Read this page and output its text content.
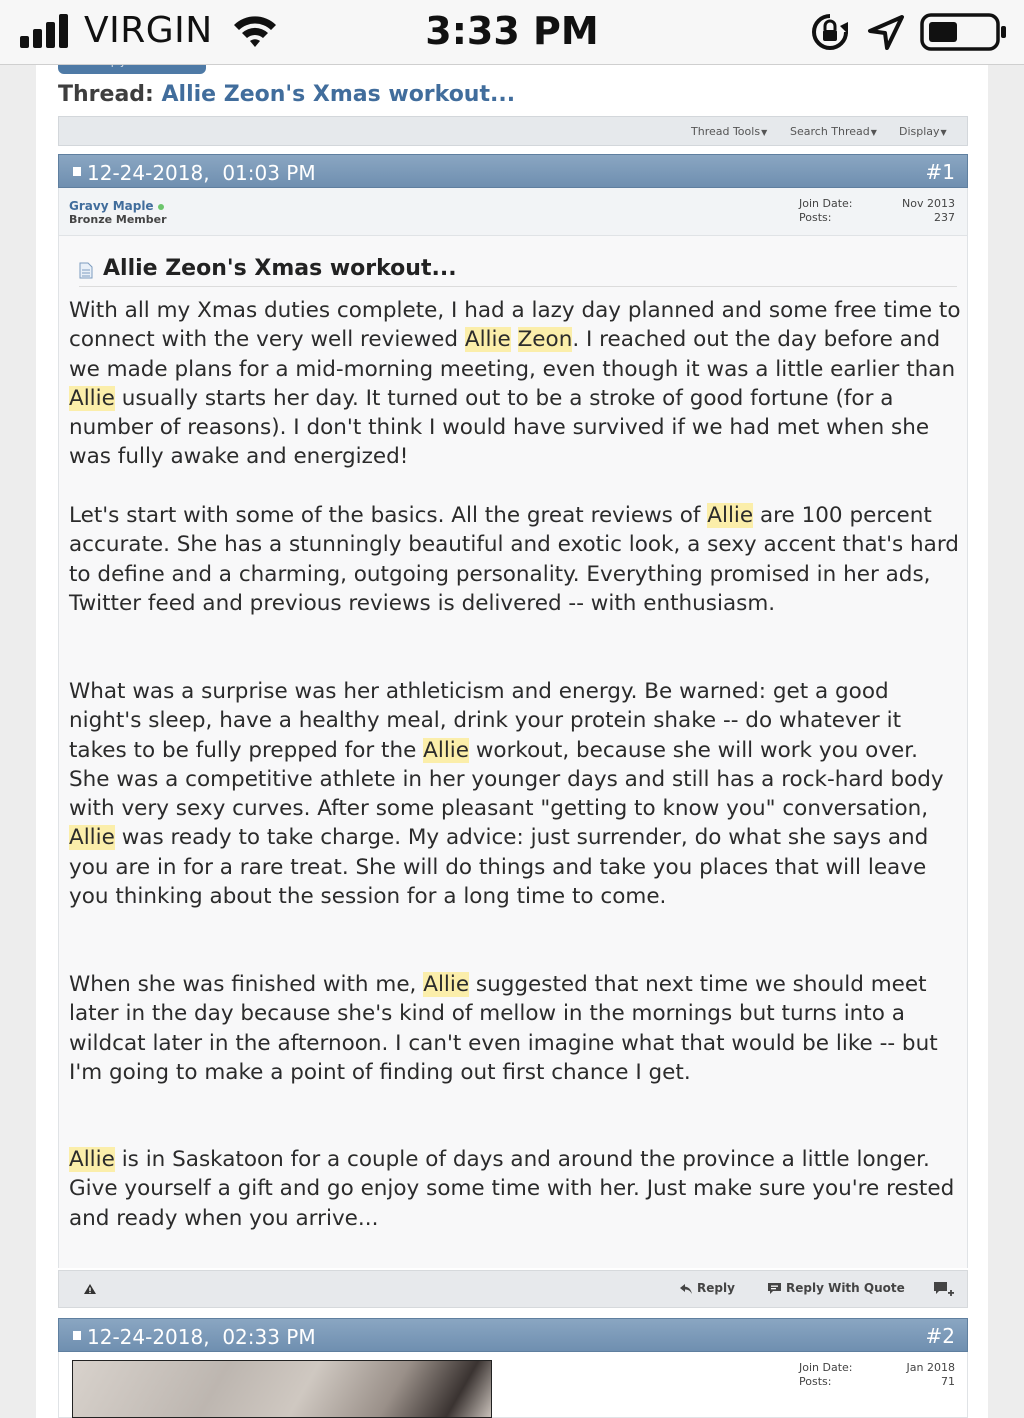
VIRGIN	3:33 PM
Thread: Allie Zeon's Xmas workout...
Thread Tools▼ Search Thread▼ Display▼
12-24-2018, 01:03 PM	#1
Gravy Maple
Bronze Member
Join Date:	Nov 2013
Posts:	237
Allie Zeon's Xmas workout...

With all my Xmas duties complete, I had a lazy day planned and some free time to connect with the very well reviewed Allie Zeon. I reached out the day before and we made plans for a mid-morning meeting, even though it was a little earlier than Allie usually starts her day. It turned out to be a stroke of good fortune (for a number of reasons). I don't think I would have survived if we had met when she was fully awake and energized!

Let's start with some of the basics. All the great reviews of Allie are 100 percent accurate. She has a stunningly beautiful and exotic look, a sexy accent that's hard to define and a charming, outgoing personality. Everything promised in her ads, Twitter feed and previous reviews is delivered -- with enthusiasm.

What was a surprise was her athleticism and energy. Be warned: get a good night's sleep, have a healthy meal, drink your protein shake -- do whatever it takes to be fully prepped for the Allie workout, because she will work you over. She was a competitive athlete in her younger days and still has a rock-hard body with very sexy curves. After some pleasant "getting to know you" conversation, Allie was ready to take charge. My advice: just surrender, do what she says and you are in for a rare treat. She will do things and take you places that will leave you thinking about the session for a long time to come.

When she was finished with me, Allie suggested that next time we should meet later in the day because she's kind of mellow in the mornings but turns into a wildcat later in the afternoon. I can't even imagine what that would be like -- but I'm going to make a point of finding out first chance I get.

Allie is in Saskatoon for a couple of days and around the province a little longer. Give yourself a gift and go enjoy some time with her. Just make sure you're rested and ready when you arrive...

Reply	Reply With Quote
12-24-2018, 02:33 PM	#2
Join Date:	Jan 2018
Posts:	71
